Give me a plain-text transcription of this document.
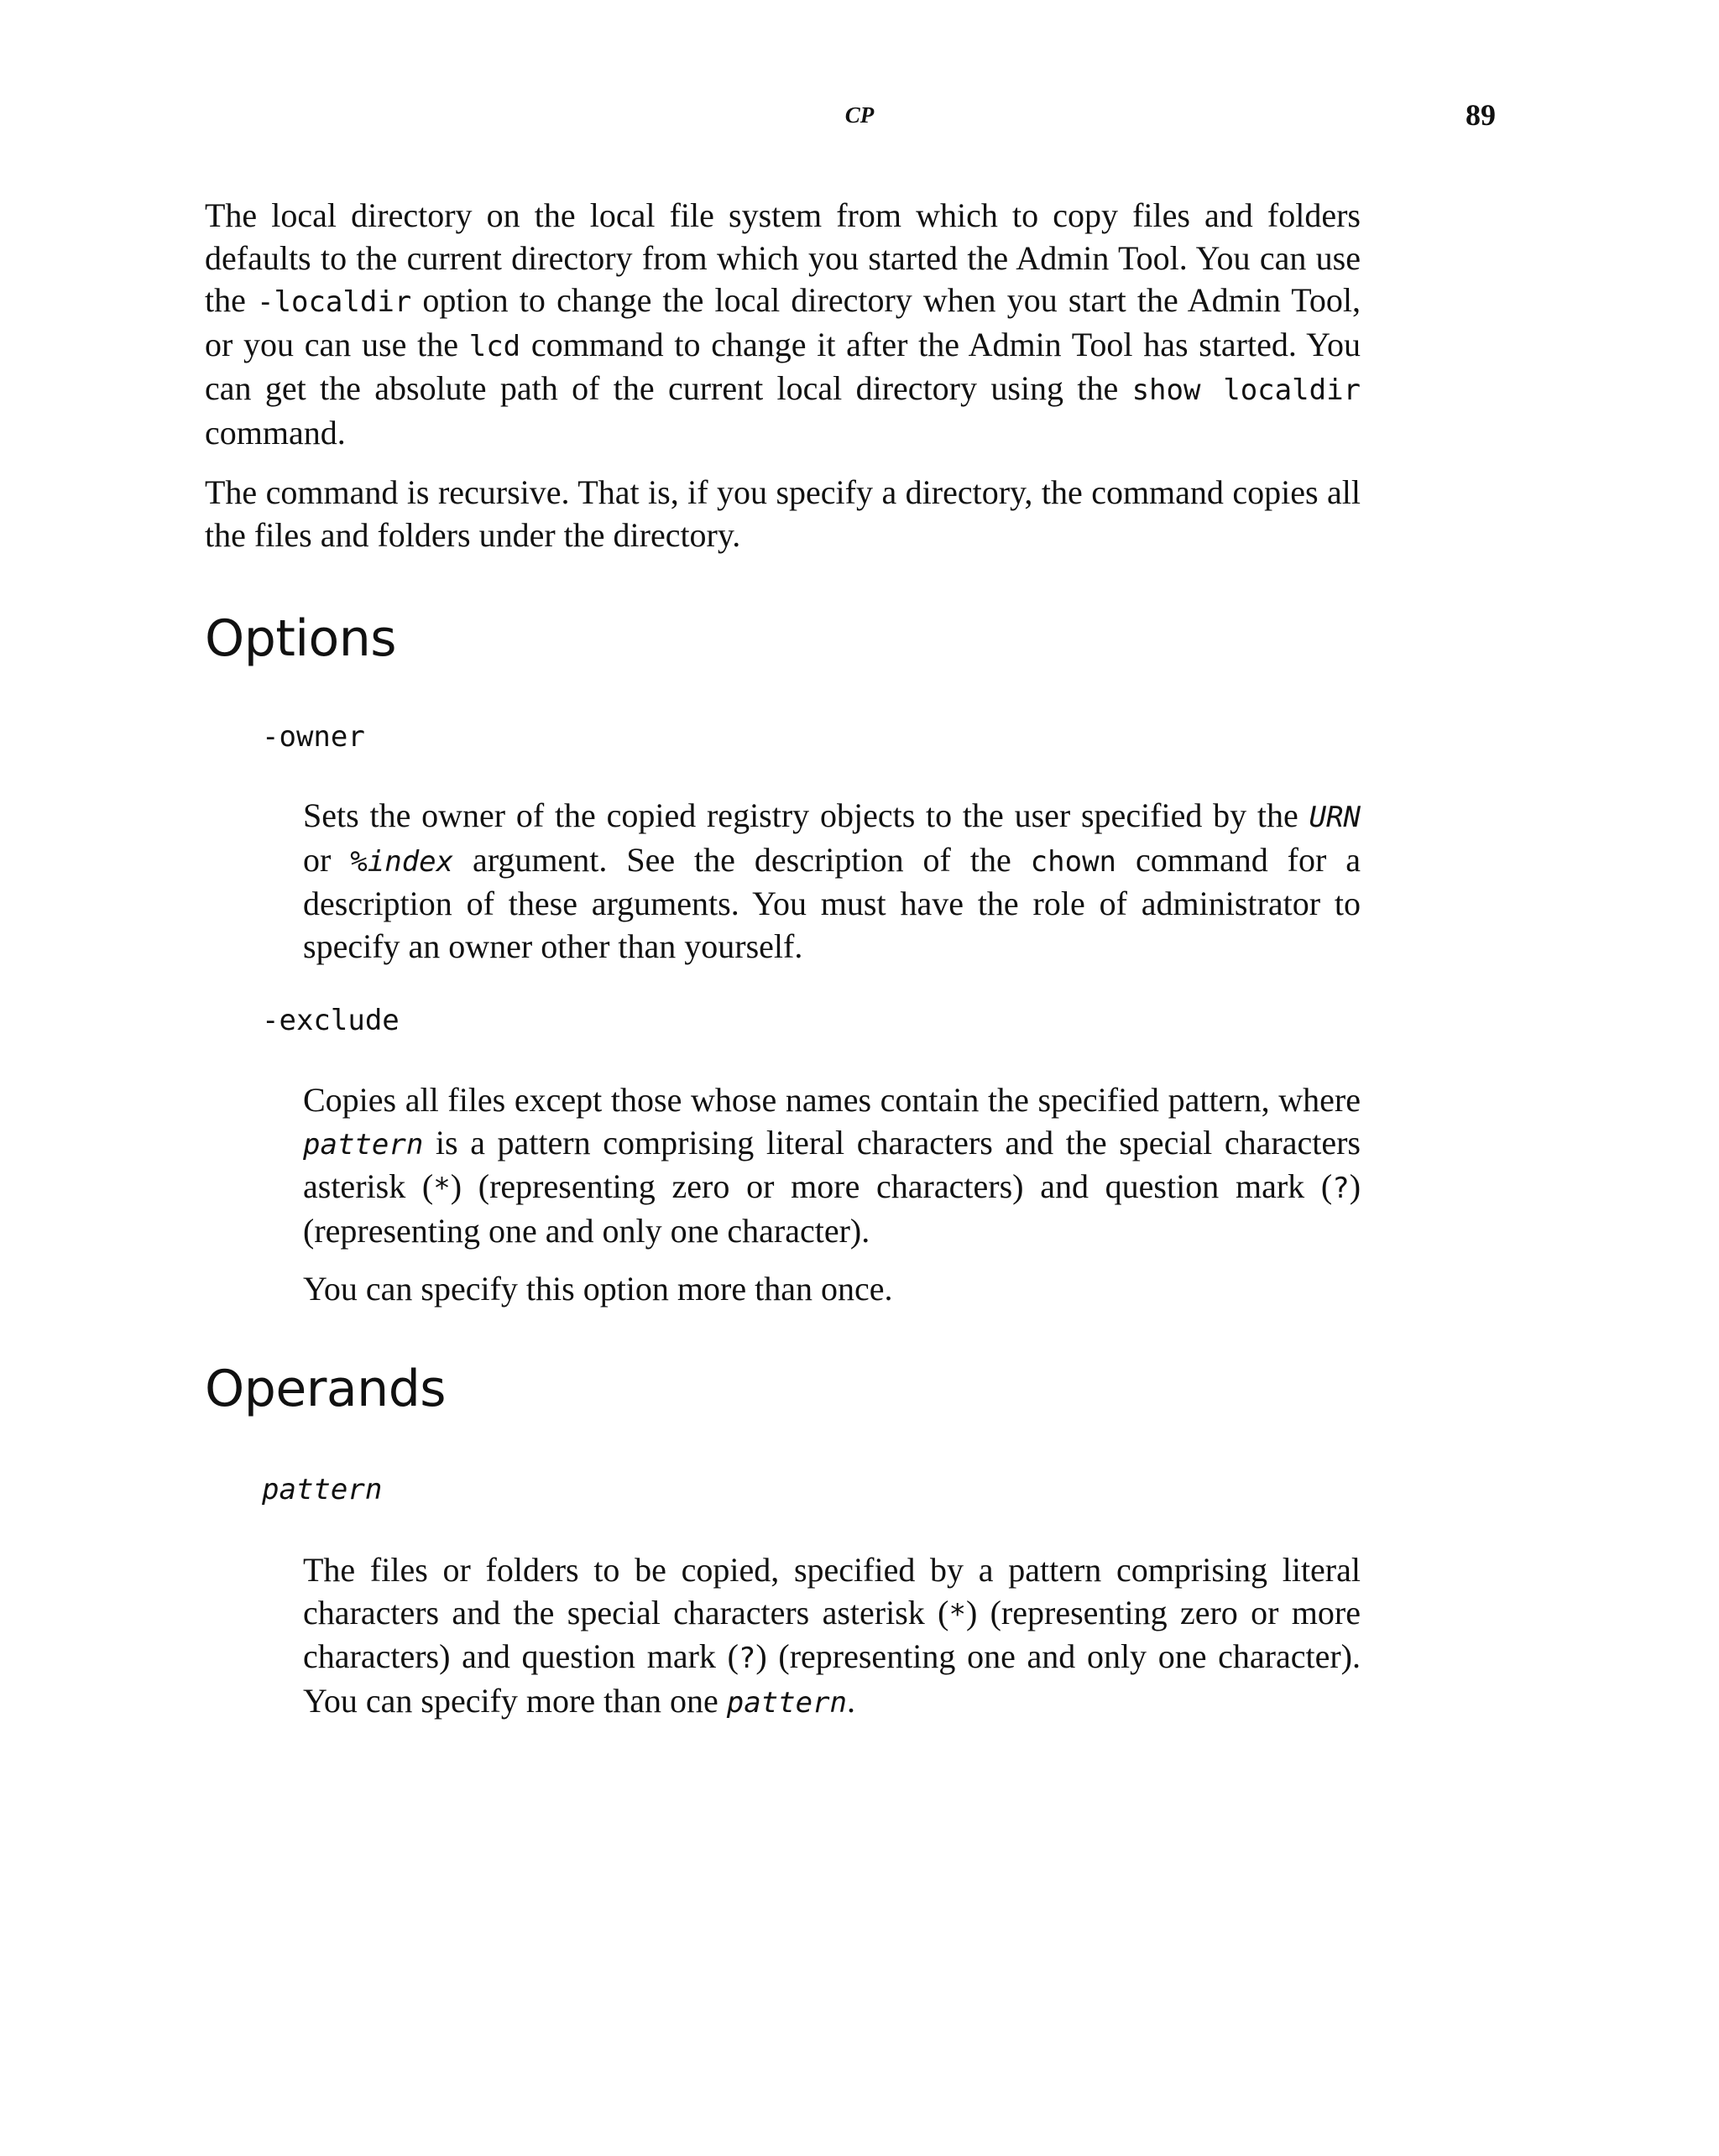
CP	89

The local directory on the local file system from which to copy files and folders defaults to the current directory from which you started the Admin Tool. You can use the -localdir option to change the local directory when you start the Admin Tool, or you can use the lcd command to change it after the Admin Tool has started. You can get the absolute path of the current local directory using the show localdir command.

The command is recursive. That is, if you specify a directory, the command copies all the files and folders under the directory.

Options

-owner

Sets the owner of the copied registry objects to the user specified by the URN or %index argument. See the description of the chown command for a description of these arguments. You must have the role of administrator to specify an owner other than yourself.

-exclude

Copies all files except those whose names contain the specified pattern, where pattern is a pattern comprising literal characters and the special characters asterisk (*) (representing zero or more characters) and question mark (?) (representing one and only one character).

You can specify this option more than once.

Operands

pattern

The files or folders to be copied, specified by a pattern comprising literal characters and the special characters asterisk (*) (representing zero or more characters) and question mark (?) (representing one and only one character). You can specify more than one pattern.
